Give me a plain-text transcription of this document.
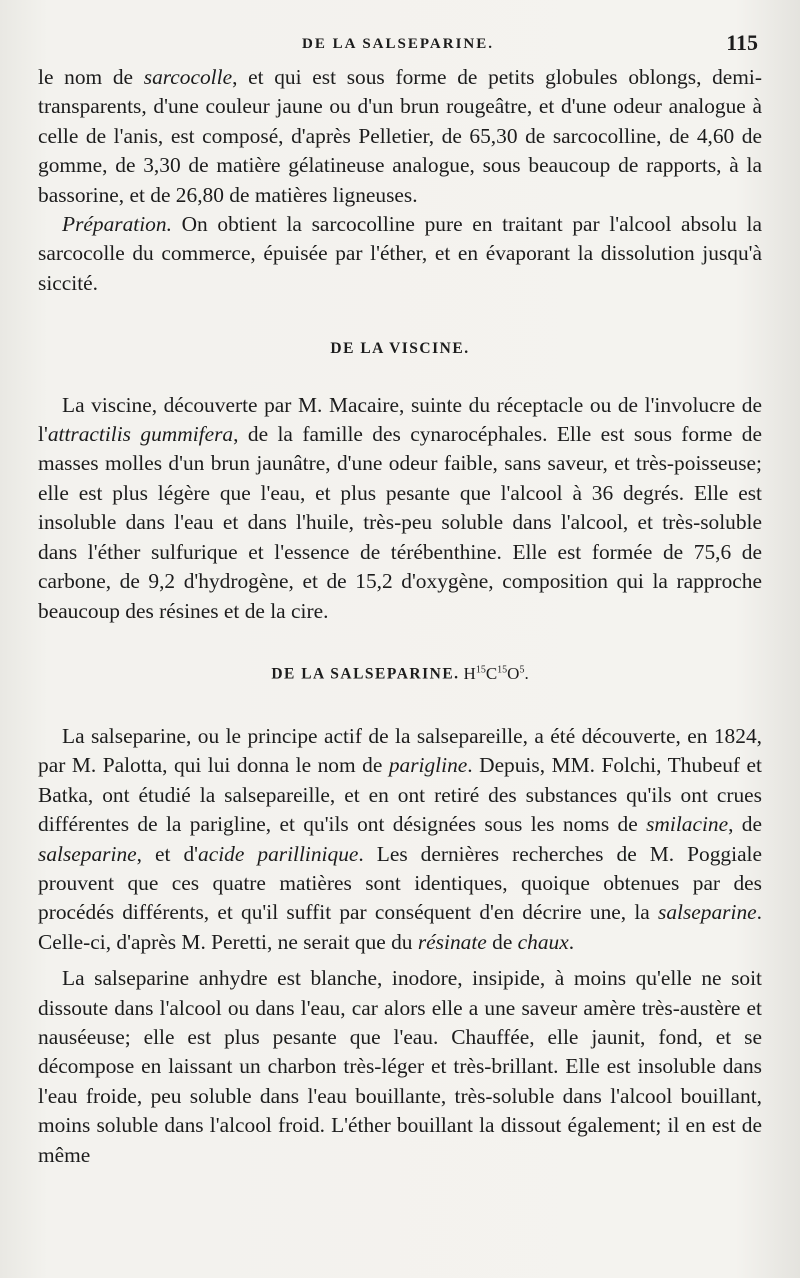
DE LA SALSEPARINE.	115

le nom de sarcocolle, et qui est sous forme de petits globules oblongs, demi-transparents, d'une couleur jaune ou d'un brun rougeâtre, et d'une odeur analogue à celle de l'anis, est composé, d'après Pelletier, de 65,30 de sarcocolline, de 4,60 de gomme, de 3,30 de matière gélatineuse analogue, sous beaucoup de rapports, à la bassorine, et de 26,80 de matières ligneuses.

Préparation. On obtient la sarcocolline pure en traitant par l'alcool absolu la sarcocolle du commerce, épuisée par l'éther, et en évaporant la dissolution jusqu'à siccité.

DE LA VISCINE.

La viscine, découverte par M. Macaire, suinte du réceptacle ou de l'involucre de l'attractilis gummifera, de la famille des cynarocéphales. Elle est sous forme de masses molles d'un brun jaunâtre, d'une odeur faible, sans saveur, et très-poisseuse; elle est plus légère que l'eau, et plus pesante que l'alcool à 36 degrés. Elle est insoluble dans l'eau et dans l'huile, très-peu soluble dans l'alcool, et très-soluble dans l'éther sulfurique et l'essence de térébenthine. Elle est formée de 75,6 de carbone, de 9,2 d'hydrogène, et de 15,2 d'oxygène, composition qui la rapproche beaucoup des résines et de la cire.

DE LA SALSEPARINE. $H^{15}C^{15}O^5$.

La salseparine, ou le principe actif de la salsepareille, a été découverte, en 1824, par M. Palotta, qui lui donna le nom de parigline. Depuis, MM. Folchi, Thubeuf et Batka, ont étudié la salsepareille, et en ont retiré des substances qu'ils ont crues différentes de la parigline, et qu'ils ont désignées sous les noms de smilacine, de salseparine, et d'acide parillinique. Les dernières recherches de M. Poggiale prouvent que ces quatre matières sont identiques, quoique obtenues par des procédés différents, et qu'il suffit par conséquent d'en décrire une, la salseparine. Celle-ci, d'après M. Peretti, ne serait que du résinate de chaux.

La salseparine anhydre est blanche, inodore, insipide, à moins qu'elle ne soit dissoute dans l'alcool ou dans l'eau, car alors elle a une saveur amère très-austère et nauséeuse; elle est plus pesante que l'eau. Chauffée, elle jaunit, fond, et se décompose en laissant un charbon très-léger et très-brillant. Elle est insoluble dans l'eau froide, peu soluble dans l'eau bouillante, très-soluble dans l'alcool bouillant, moins soluble dans l'alcool froid. L'éther bouillant la dissout également; il en est de même
